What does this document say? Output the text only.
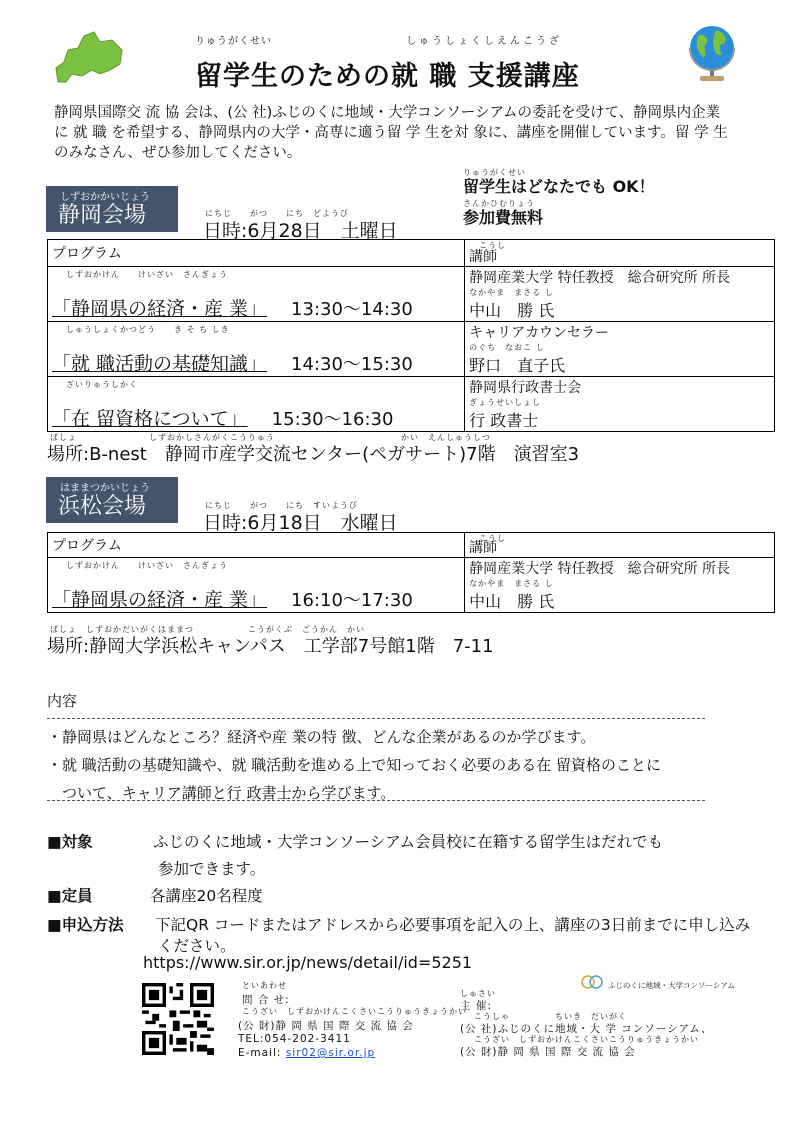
りゅうがくせい	しゅうしょくしえんこうざ
留学生のための就 職 支援講座
静岡県国際交 流 協 会は、(公 社)ふじのくに地域・大学コンソーシアムの委託を受けて、静岡県内企業
に 就 職 を希望する、静岡県内の大学・高専に適う留 学 生を対 象に、講座を開催しています。留 学 生
のみなさん、ぜひ参加してください。
りゅうがくせい
留学生はどなたでも OK！
さんかひむりょう
参加費無料
しずおかかいじょう
静岡会場	にちじ　　がつ　　にち　どようび
日時:6月28日　土曜日
プログラム	こうし
講師

しずおかけん　　けいざい　さんぎょう
「静岡県の経済・産 業」 13:30～14:30	静岡産業大学 特任教授　総合研究所 所長
なかやま　まさる し
中山　勝 氏

しゅうしょくかつどう　　き そ ち しき
「就 職活動の基礎知識」 14:30～15:30	キャリアカウンセラー
のぐち　なおこ し
野口　直子氏

ざいりゅうしかく
「在 留資格について」 15:30～16:30	静岡県行政書士会
ぎょうせいしょし
行 政書士
ばしょ　　　　　　　　しずおかしさんがくこうりゅう　　　　　　　　　　　　　　かい　えんしゅうしつ
場所:B-nest　静岡市産学交流センター(ペガサート)7階　演習室3
はままつかいじょう
浜松会場	にちじ　　がつ　　にち　すいようび
日時:6月18日　水曜日
プログラム	こうし
講師

しずおかけん　　けいざい　さんぎょう
「静岡県の経済・産 業」 16:10～17:30	静岡産業大学 特任教授　総合研究所 所長
なかやま　まさる し
中山　勝 氏
ばしょ　しずおかだいがくはままつ　　　　　　こうがくぶ　ごうかん　かい
場所:静岡大学浜松キャンパス　工学部7号館1階　7-11
内容
・静岡県はどんなところ？経済や産 業の特 徴、どんな企業があるのか学びます。
・就 職活動の基礎知識や、就 職活動を進める上で知っておく必要のある在 留資格のことに
　ついて、キャリア講師と行 政書士から学びます。
■対象	ふじのくに地域・大学コンソーシアム会員校に在籍する留学生はだれでも
参加できます。
■定員	各講座20名程度
■申込方法 下記QR コードまたはアドレスから必要事項を記入の上、講座の3日前までに申し込み
ください。
https://www.sir.or.jp/news/detail/id=5251
といあわせ
問 合 せ:
こうざい　しずおかけんこくさいこうりゅうきょうかい
(公 財)静 岡 県 国 際 交 流 協 会
TEL:054-202-3411
E-mail: sir02@sir.or.jp
ふじのくに地域・大学コンソーシアム
しゅさい
主 催:
こうしゃ　　　　　ちいき　だいがく
(公 社)ふじのくに地域・大 学 コンソーシアム、
こうざい　しずおかけんこくさいこうりゅうきょうかい
(公 財)静 岡 県 国 際 交 流 協 会
